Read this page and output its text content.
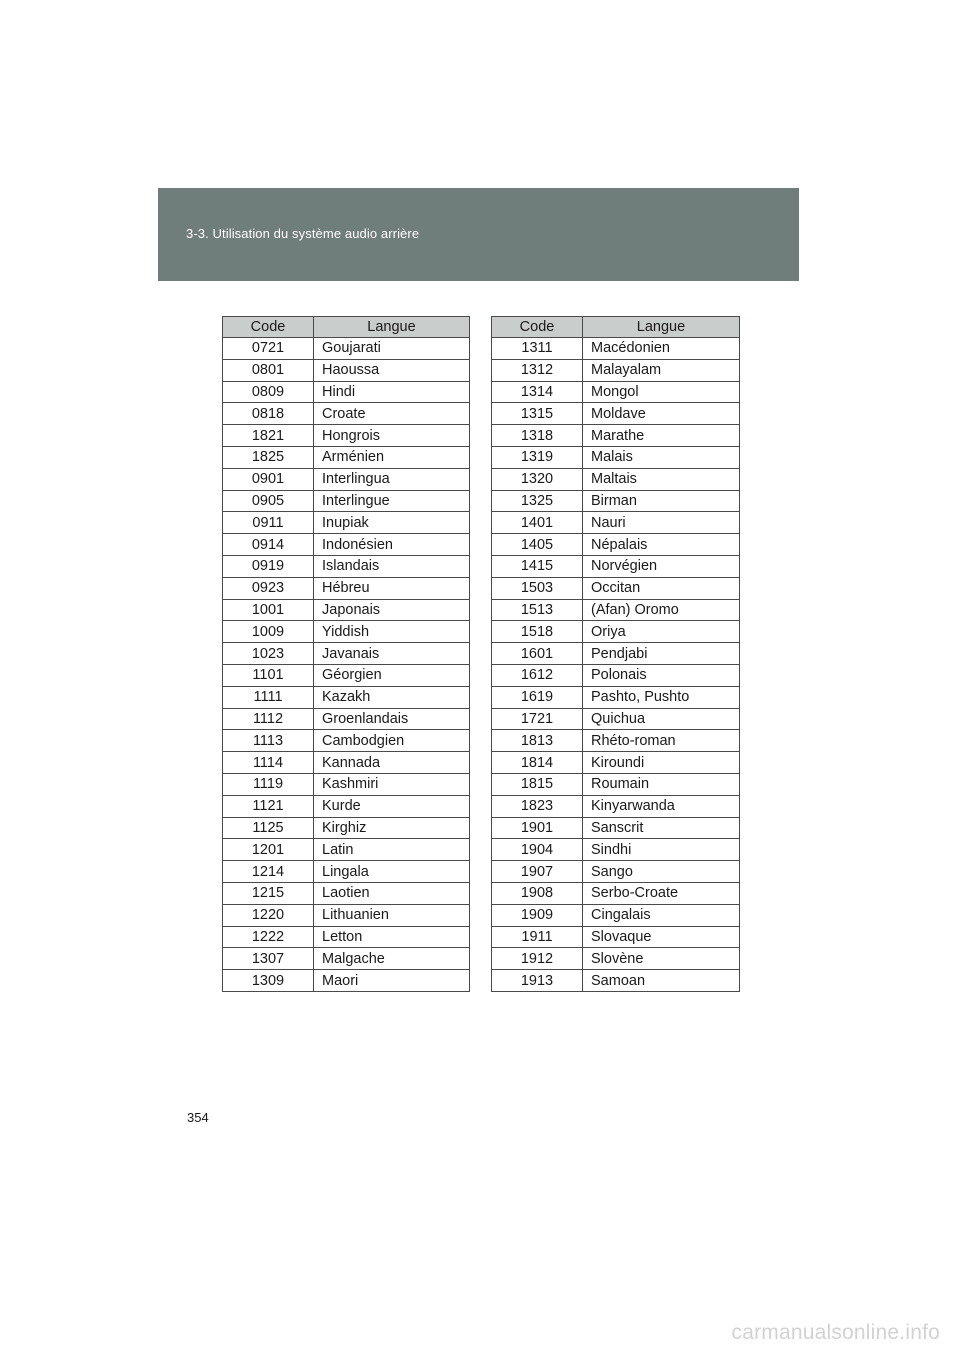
3-3. Utilisation du système audio arrière
Code	Langue
0721	Goujarati
0801	Haoussa
0809	Hindi
0818	Croate
1821	Hongrois
1825	Arménien
0901	Interlingua
0905	Interlingue
0911	Inupiak
0914	Indonésien
0919	Islandais
0923	Hébreu
1001	Japonais
1009	Yiddish
1023	Javanais
1101	Géorgien
1111	Kazakh
1112	Groenlandais
1113	Cambodgien
1114	Kannada
1119	Kashmiri
1121	Kurde
1125	Kirghiz
1201	Latin
1214	Lingala
1215	Laotien
1220	Lithuanien
1222	Letton
1307	Malgache
1309	Maori
Code	Langue
1311	Macédonien
1312	Malayalam
1314	Mongol
1315	Moldave
1318	Marathe
1319	Malais
1320	Maltais
1325	Birman
1401	Nauri
1405	Népalais
1415	Norvégien
1503	Occitan
1513	(Afan) Oromo
1518	Oriya
1601	Pendjabi
1612	Polonais
1619	Pashto, Pushto
1721	Quichua
1813	Rhéto-roman
1814	Kiroundi
1815	Roumain
1823	Kinyarwanda
1901	Sanscrit
1904	Sindhi
1907	Sango
1908	Serbo-Croate
1909	Cingalais
1911	Slovaque
1912	Slovène
1913	Samoan
354
carmanualsonline.info
